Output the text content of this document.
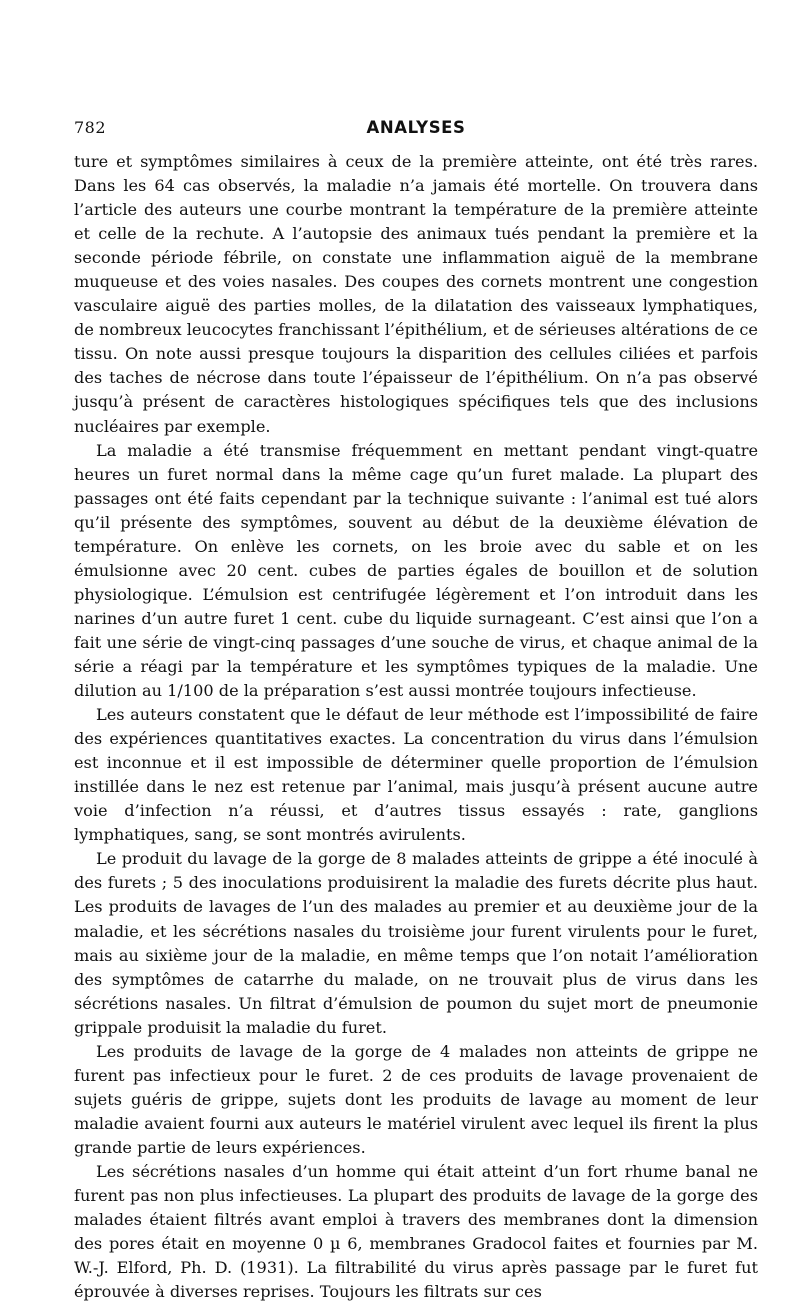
782	ANALYSES

ture et symptômes similaires à ceux de la première atteinte, ont été très rares. Dans les 64 cas observés, la maladie n’a jamais été mortelle. On trouvera dans l’article des auteurs une courbe montrant la température de la première atteinte et celle de la rechute. A l’autopsie des animaux tués pendant la première et la seconde période fébrile, on constate une inflammation aiguë de la membrane muqueuse et des voies nasales. Des coupes des cornets montrent une congestion vasculaire aiguë des parties molles, de la dilatation des vaisseaux lymphatiques, de nombreux leucocytes franchissant l’épithélium, et de sérieuses altérations de ce tissu. On note aussi presque toujours la disparition des cellules ciliées et parfois des taches de nécrose dans toute l’épaisseur de l’épithélium. On n’a pas observé jusqu’à présent de caractères histologiques spécifiques tels que des inclusions nucléaires par exemple.

La maladie a été transmise fréquemment en mettant pendant vingt-quatre heures un furet normal dans la même cage qu’un furet malade. La plupart des passages ont été faits cependant par la technique suivante : l’animal est tué alors qu’il présente des symptômes, souvent au début de la deuxième élévation de température. On enlève les cornets, on les broie avec du sable et on les émulsionne avec 20 cent. cubes de parties égales de bouillon et de solution physiologique. L’émulsion est centrifugée légèrement et l’on introduit dans les narines d’un autre furet 1 cent. cube du liquide surnageant. C’est ainsi que l’on a fait une série de vingt-cinq passages d’une souche de virus, et chaque animal de la série a réagi par la température et les symptômes typiques de la maladie. Une dilution au 1/100 de la préparation s’est aussi montrée toujours infectieuse.

Les auteurs constatent que le défaut de leur méthode est l’impossibilité de faire des expériences quantitatives exactes. La concentration du virus dans l’émulsion est inconnue et il est impossible de déterminer quelle proportion de l’émulsion instillée dans le nez est retenue par l’animal, mais jusqu’à présent aucune autre voie d’infection n’a réussi, et d’autres tissus essayés : rate, ganglions lymphatiques, sang, se sont montrés avirulents.

Le produit du lavage de la gorge de 8 malades atteints de grippe a été inoculé à des furets ; 5 des inoculations produisirent la maladie des furets décrite plus haut. Les produits de lavages de l’un des malades au premier et au deuxième jour de la maladie, et les sécrétions nasales du troisième jour furent virulents pour le furet, mais au sixième jour de la maladie, en même temps que l’on notait l’amélioration des symptômes de catarrhe du malade, on ne trouvait plus de virus dans les sécrétions nasales. Un filtrat d’émulsion de poumon du sujet mort de pneumonie grippale produisit la maladie du furet.

Les produits de lavage de la gorge de 4 malades non atteints de grippe ne furent pas infectieux pour le furet. 2 de ces produits de lavage provenaient de sujets guéris de grippe, sujets dont les produits de lavage au moment de leur maladie avaient fourni aux auteurs le matériel virulent avec lequel ils firent la plus grande partie de leurs expériences.

Les sécrétions nasales d’un homme qui était atteint d’un fort rhume banal ne furent pas non plus infectieuses. La plupart des produits de lavage de la gorge des malades étaient filtrés avant emploi à travers des membranes dont la dimension des pores était en moyenne 0 µ 6, membranes Gradocol faites et fournies par M. W.-J. Elford, Ph. D. (1931). La filtrabilité du virus après passage par le furet fut éprouvée à diverses reprises. Toujours les filtrats sur ces
